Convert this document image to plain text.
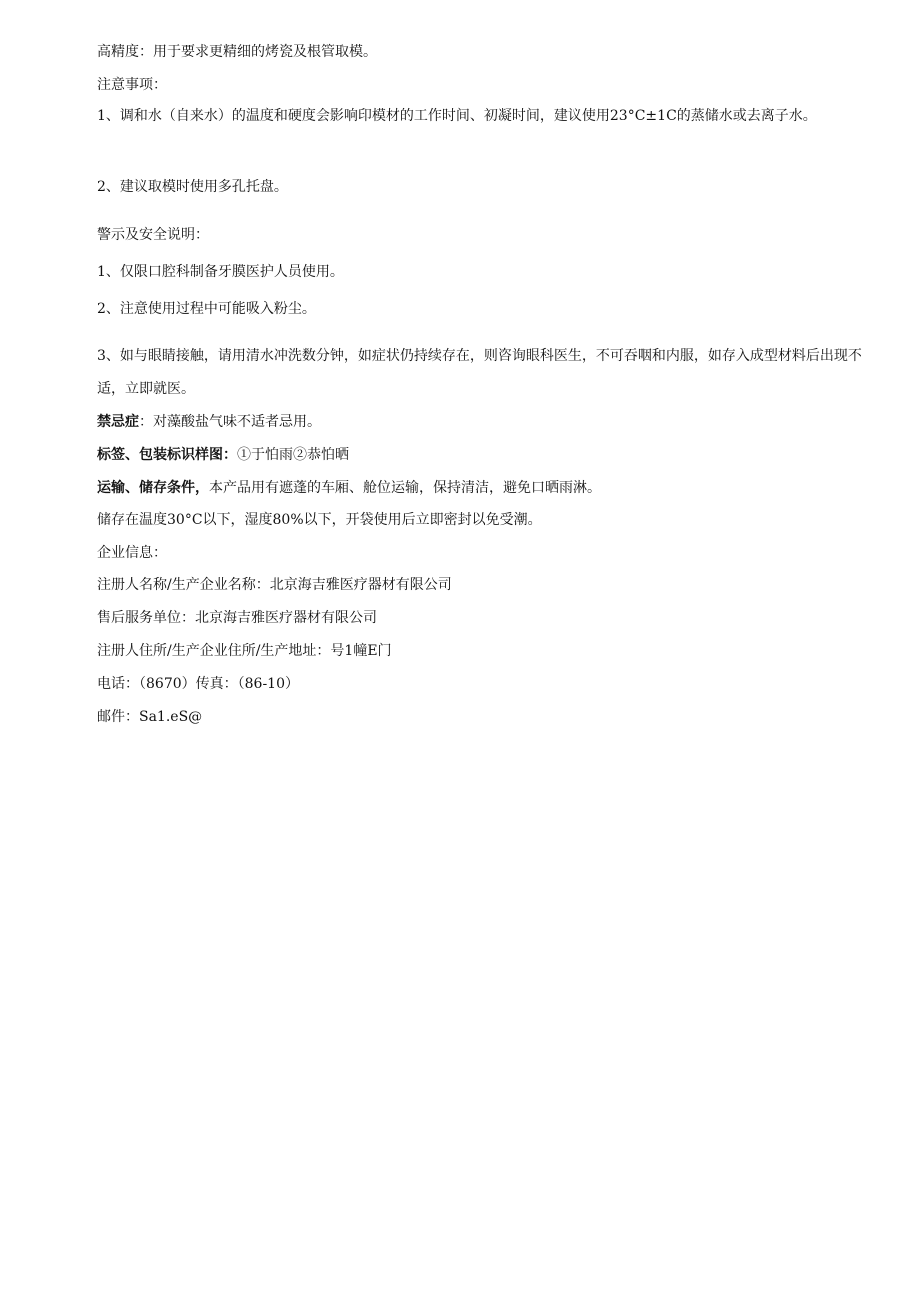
高精度：用于要求更精细的烤瓷及根管取模。
注意事项：
1、调和水（自来水）的温度和硬度会影响印模材的工作时间、初凝时间，建议使用23°C±1C的蒸储水或去离子水。
2、建议取模时使用多孔托盘。
警示及安全说明：
1、仅限口腔科制备牙膜医护人员使用。
2、注意使用过程中可能吸入粉尘。
3、如与眼睛接触，请用清水冲洗数分钟，如症状仍持续存在，则咨询眼科医生，不可吞咽和内服，如存入成型材料后出现不适，立即就医。
禁忌症：对藻酸盐气味不适者忌用。
标签、包装标识样图：①于怕雨②恭怕晒
运输、储存条件，本产品用有遮蓬的车厢、舱位运输，保持清洁，避免口晒雨淋。
储存在温度30°C以下，湿度80%以下，开袋使用后立即密封以免受潮。
企业信息：
注册人名称/生产企业名称：北京海吉雅医疗器材有限公司
售后服务单位：北京海吉雅医疗器材有限公司
注册人住所/生产企业住所/生产地址：号1幢E门
电话：（8670）传真：（86-10）
邮件：Sa1.eS@
